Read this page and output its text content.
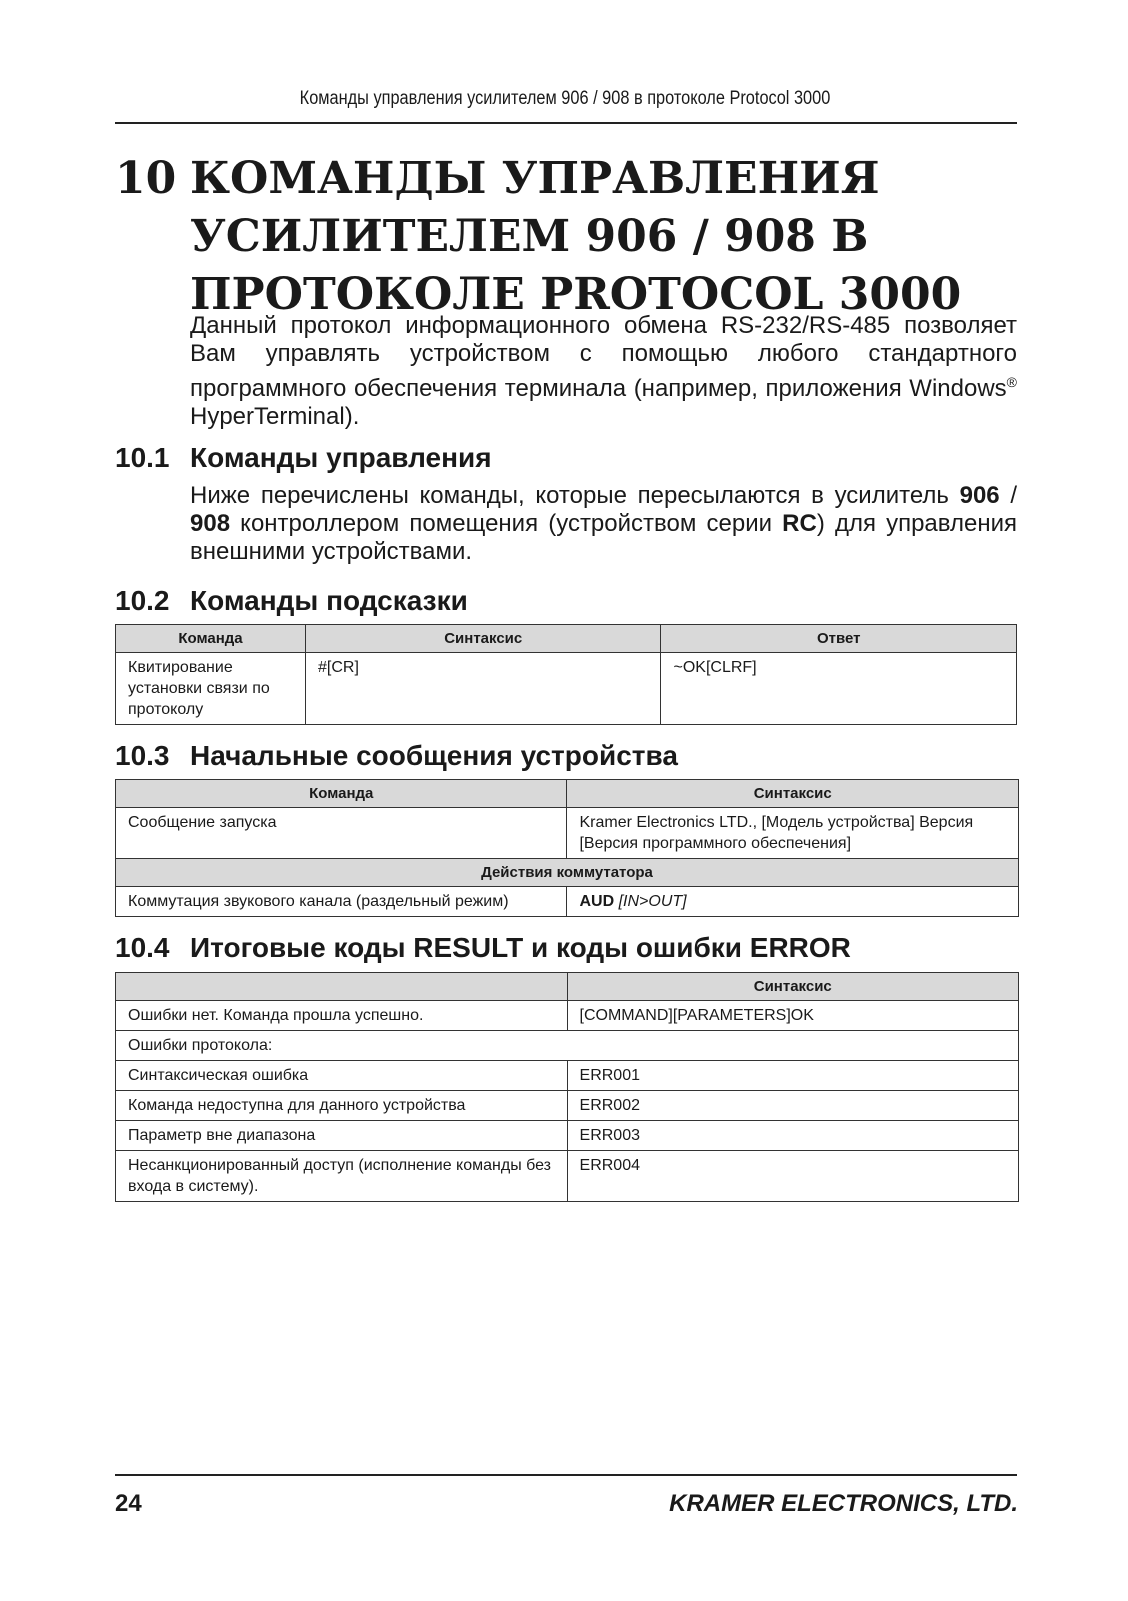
Команды управления усилителем 906 / 908 в протоколе Protocol 3000
10 КОМАНДЫ УПРАВЛЕНИЯ
УСИЛИТЕЛЕМ 906 / 908 В
ПРОТОКОЛЕ PROTOCOL 3000
Данный протокол информационного обмена RS-232/RS-485 позволяет
Вам управлять устройством с помощью любого стандартного
программного обеспечения терминала (например, приложения Windows®
HyperTerminal).
10.1 Команды управления
Ниже перечислены команды, которые пересылаются в усилитель 906 /
908 контроллером помещения (устройством серии RC) для управления
внешними устройствами.
10.2 Команды подсказки
Команда	Синтаксис	Ответ
Квитирование установки связи по протоколу	#[CR]	~OK[CLRF]
10.3 Начальные сообщения устройства
Команда	Синтаксис
Сообщение запуска	Kramer Electronics LTD., [Модель устройства] Версия [Версия программного обеспечения]
Действия коммутатора	
Коммутация звукового канала (раздельный режим)	AUD [IN>OUT]
10.4 Итоговые коды RESULT и коды ошибки ERROR
	Синтаксис
Ошибки нет. Команда прошла успешно.	[COMMAND][PARAMETERS]OK
Ошибки протокола:	
Синтаксическая ошибка	ERR001
Команда недоступна для данного устройства	ERR002
Параметр вне диапазона	ERR003
Несанкционированный доступ (исполнение команды без входа в систему).	ERR004
24	KRAMER ELECTRONICS, LTD.
